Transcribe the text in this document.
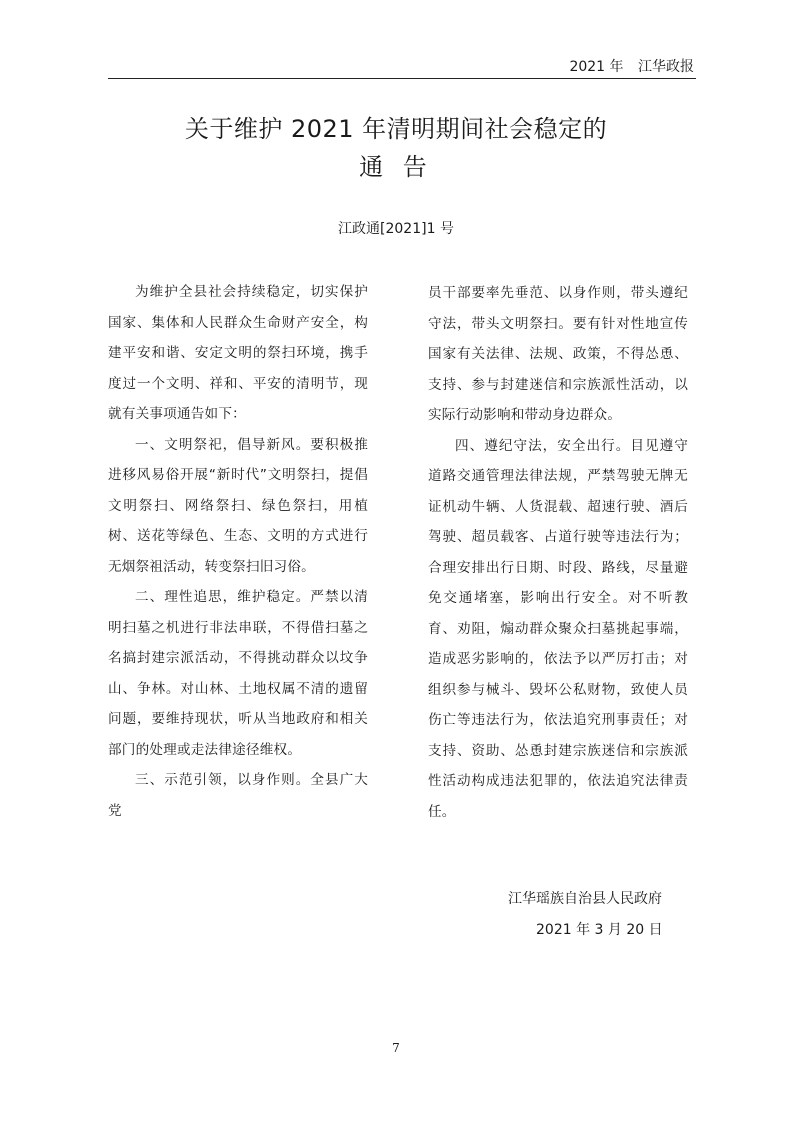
2021 年 江华政报
关于维护 2021 年清明期间社会稳定的
通 告
江政通[2021]1 号

为维护全县社会持续稳定，切实保护国家、集体和人民群众生命财产安全，构建平安和谐、安定文明的祭扫环境，携手度过一个文明、祥和、平安的清明节，现就有关事项通告如下：

一、文明祭祀，倡导新风。要积极推进移风易俗开展“新时代”文明祭扫，提倡文明祭扫、网络祭扫、绿色祭扫，用植树、送花等绿色、生态、文明的方式进行无烟祭祖活动，转变祭扫旧习俗。

二、理性追思，维护稳定。严禁以清明扫墓之机进行非法串联，不得借扫墓之名搞封建宗派活动，不得挑动群众以坟争山、争林。对山林、土地权属不清的遗留问题，要维持现状，听从当地政府和相关部门的处理或走法律途径维权。

三、示范引领，以身作则。全县广大党

员干部要率先垂范、以身作则，带头遵纪守法，带头文明祭扫。要有针对性地宣传国家有关法律、法规、政策，不得怂恿、支持、参与封建迷信和宗族派性活动，以实际行动影响和带动身边群众。

四、遵纪守法，安全出行。目见遵守道路交通管理法律法规，严禁驾驶无牌无证机动牛辆、人货混载、超速行驶、酒后驾驶、超员载客、占道行驶等违法行为；合理安排出行日期、时段、路线，尽量避免交通堵塞，影响出行安全。对不听教育、劝阻，煽动群众聚众扫墓挑起事端，造成恶劣影响的，依法予以严厉打击；对组织参与械斗、毁坏公私财物，致使人员伤亡等违法行为，依法追究刑事责任；对支持、资助、怂恿封建宗族迷信和宗族派性活动构成违法犯罪的，依法追究法律责任。

江华瑶族自治县人民政府
2021 年 3 月 20 日
7
